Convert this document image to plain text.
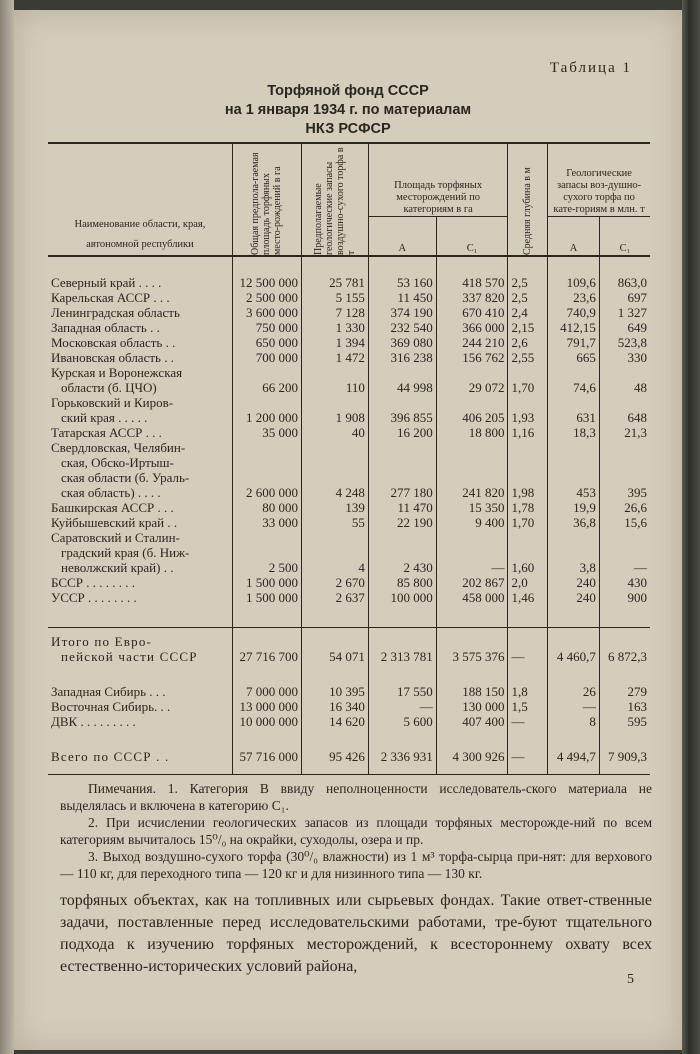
Таблица 1
Торфяной фонд СССР
на 1 января 1934 г. по материалам
НКЗ РСФСР
Наименование области, края, автономной республики	Общая предпола-гаемая площадь торфяных место-рождений в га	Предполагаемые геологические запасы воздушно-сухого торфа в т	Площадь торфяных месторождений по категориям в га		Средняя глубина в м	Геологические запасы воз-душно-сухого торфа по кате-гориям в млн. т	
			А	С₁		А	С₁

Северный край . . . .	12 500 000	25 781	53 160	418 570	2,5	109,6	863,0

Карельская АССР . . .	2 500 000	5 155	11 450	337 820	2,5	23,6	697

Ленинградская область	3 600 000	7 128	374 190	670 410	2,4	740,9	1 327

Западная область . .	750 000	1 330	232 540	366 000	2,15	412,15	649

Московская область . .	650 000	1 394	369 080	244 210	2,6	791,7	523,8

Ивановская область . .	700 000	1 472	316 238	156 762	2,55	665	330

Курская и Воронежская
области (б. ЦЧО)	66 200	110	44 998	29 072	1,70	74,6	48

Горьковский и Киров-
ский края . . . . .	1 200 000	1 908	396 855	406 205	1,93	631	648

Татарская АССР . . .	35 000	40	16 200	18 800	1,16	18,3	21,3

Свердловская, Челябин-
ская, Обско-Иртыш-
ская области (б. Ураль-
ская область) . . . .	2 600 000	4 248	277 180	241 820	1,98	453	395

Башкирская АССР . . .	80 000	139	11 470	15 350	1,78	19,9	26,6

Куйбышевский край . .	33 000	55	22 190	9 400	1,70	36,8	15,6

Саратовский и Сталин-
градский края (б. Ниж-
неволжский край) . .	2 500	4	2 430	—	1,60	3,8	—

БССР . . . . . . . .	1 500 000	2 670	85 800	202 867	2,0	240	430

УССР . . . . . . . .	1 500 000	2 637	100 000	458 000	1,46	240	900

Итого по Евро-
пейской части СССР	27 716 700	54 071	2 313 781	3 575 376	—	4 460,7	6 872,3

Западная Сибирь . . .	7 000 000	10 395	17 550	188 150	1,8	26	279

Восточная Сибирь. . .	13 000 000	16 340	—	130 000	1,5	—	163

ДВК . . . . . . . . .	10 000 000	14 620	5 600	407 400	—	8	595

Всего по СССР . .	57 716 000	95 426	2 336 931	4 300 926	—	4 494,7	7 909,3

Пимечания. 1. Категория В ввиду неполноценности исследователь-ского материала не выделялась и включена в категорию С₁.

2. При исчислении геологических запасов из площади торфяных месторожде-ний по всем категориям вычиталось 15⁰/₀ на окрайки, суходолы, озера и пр.

3. Выход воздушно-сухого торфа (30⁰/₀ влажности) из 1 м³ торфа-сырца при-нят: для верхового — 110 кг, для переходного типа — 120 кг и для низинного типа — 130 кг.

торфяных объектах, как на топливных или сырьевых фондах. Такие ответ-ственные задачи, поставленные перед исследовательскими работами, тре-буют тщательного подхода к изучению торфяных месторождений, к всестороннему охвату всех естественно-исторических условий района,

5
